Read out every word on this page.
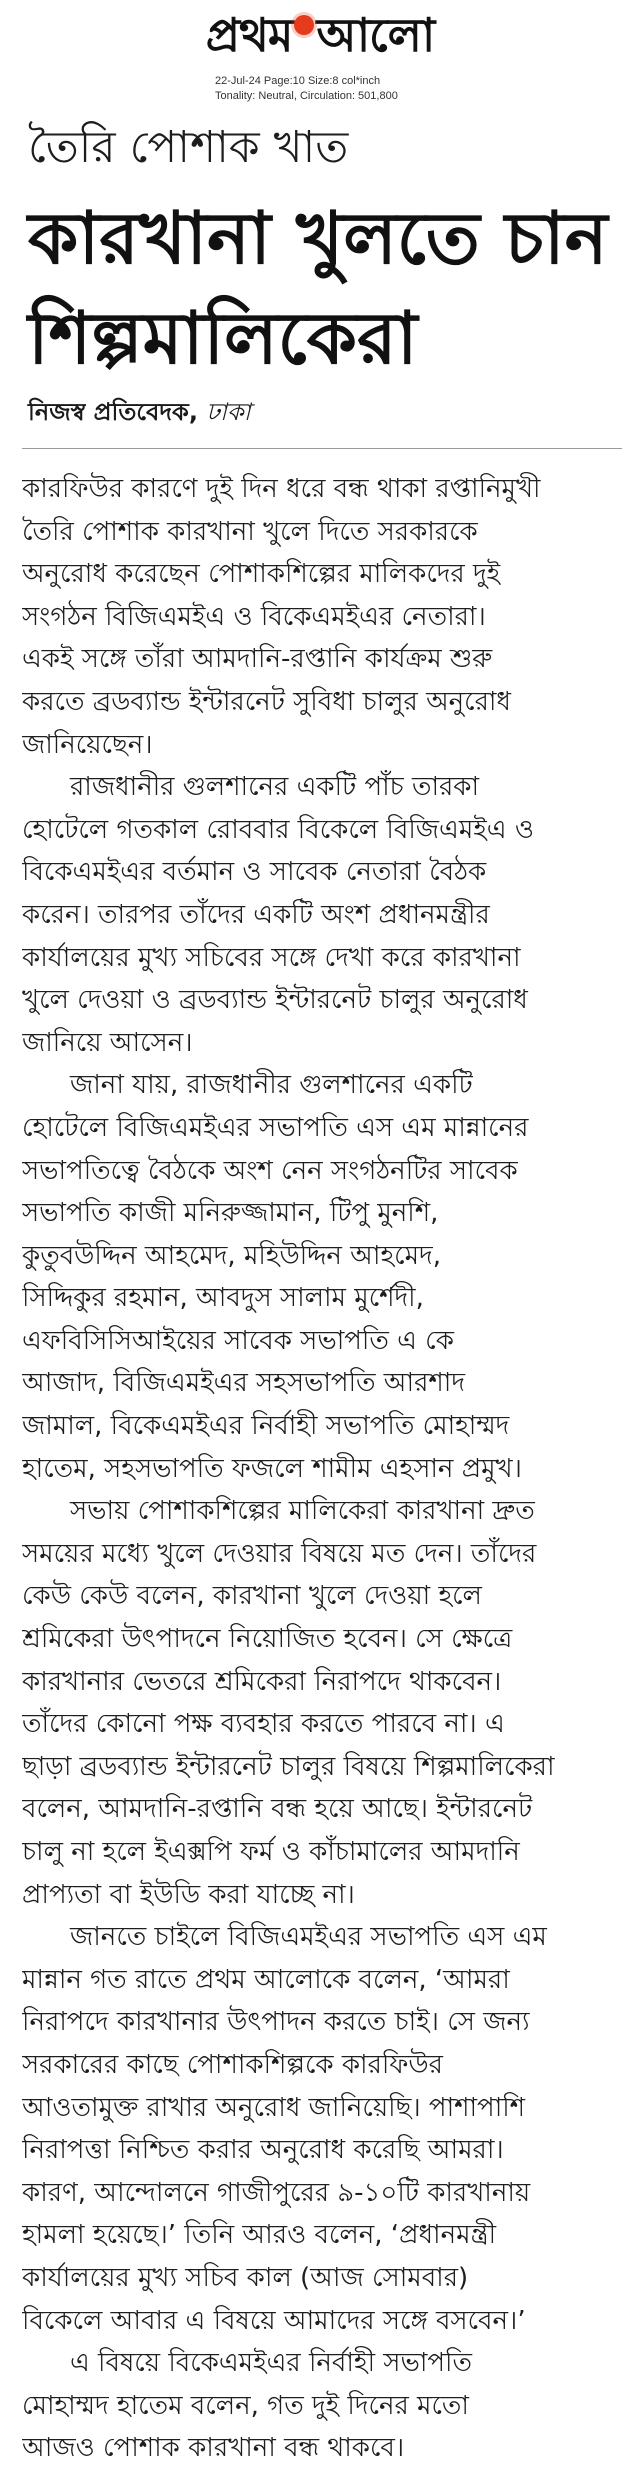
প্রথম আলো
22-Jul-24 Page:10 Size:8 col*inch
Tonality: Neutral, Circulation: 501,800
তৈরি পোশাক খাত
কারখানা খুলতে চান
শিল্পমালিকেরা
নিজস্ব প্রতিবেদক, ঢাকা
কারফিউর কারণে দুই দিন ধরে বন্ধ থাকা রপ্তানিমুখী
তৈরি পোশাক কারখানা খুলে দিতে সরকারকে
অনুরোধ করেছেন পোশাকশিল্পের মালিকদের দুই
সংগঠন বিজিএমইএ ও বিকেএমইএর নেতারা।
একই সঙ্গে তাঁরা আমদানি-রপ্তানি কার্যক্রম শুরু
করতে ব্রডব্যান্ড ইন্টারনেট সুবিধা চালুর অনুরোধ
জানিয়েছেন।
রাজধানীর গুলশানের একটি পাঁচ তারকা
হোটেলে গতকাল রোববার বিকেলে বিজিএমইএ ও
বিকেএমইএর বর্তমান ও সাবেক নেতারা বৈঠক
করেন। তারপর তাঁদের একটি অংশ প্রধানমন্ত্রীর
কার্যালয়ের মুখ্য সচিবের সঙ্গে দেখা করে কারখানা
খুলে দেওয়া ও ব্রডব্যান্ড ইন্টারনেট চালুর অনুরোধ
জানিয়ে আসেন।
জানা যায়, রাজধানীর গুলশানের একটি
হোটেলে বিজিএমইএর সভাপতি এস এম মান্নানের
সভাপতিত্বে বৈঠকে অংশ নেন সংগঠনটির সাবেক
সভাপতি কাজী মনিরুজ্জামান, টিপু মুনশি,
কুতুবউদ্দিন আহমেদ, মহিউদ্দিন আহমেদ,
সিদ্দিকুর রহমান, আবদুস সালাম মুর্শেদী,
এফবিসিসিআইয়ের সাবেক সভাপতি এ কে
আজাদ, বিজিএমইএর সহসভাপতি আরশাদ
জামাল, বিকেএমইএর নির্বাহী সভাপতি মোহাম্মদ
হাতেম, সহসভাপতি ফজলে শামীম এহসান প্রমুখ।
সভায় পোশাকশিল্পের মালিকেরা কারখানা দ্রুত
সময়ের মধ্যে খুলে দেওয়ার বিষয়ে মত দেন। তাঁদের
কেউ কেউ বলেন, কারখানা খুলে দেওয়া হলে
শ্রমিকেরা উৎপাদনে নিয়োজিত হবেন। সে ক্ষেত্রে
কারখানার ভেতরে শ্রমিকেরা নিরাপদে থাকবেন।
তাঁদের কোনো পক্ষ ব্যবহার করতে পারবে না। এ
ছাড়া ব্রডব্যান্ড ইন্টারনেট চালুর বিষয়ে শিল্পমালিকেরা
বলেন, আমদানি-রপ্তানি বন্ধ হয়ে আছে। ইন্টারনেট
চালু না হলে ইএক্সপি ফর্ম ও কাঁচামালের আমদানি
প্রাপ্যতা বা ইউডি করা যাচ্ছে না।
জানতে চাইলে বিজিএমইএর সভাপতি এস এম
মান্নান গত রাতে প্রথম আলোকে বলেন, ‘আমরা
নিরাপদে কারখানার উৎপাদন করতে চাই। সে জন্য
সরকারের কাছে পোশাকশিল্পকে কারফিউর
আওতামুক্ত রাখার অনুরোধ জানিয়েছি। পাশাপাশি
নিরাপত্তা নিশ্চিত করার অনুরোধ করেছি আমরা।
কারণ, আন্দোলনে গাজীপুরের ৯-১০টি কারখানায়
হামলা হয়েছে।’ তিনি আরও বলেন, ‘প্রধানমন্ত্রী
কার্যালয়ের মুখ্য সচিব কাল (আজ সোমবার)
বিকেলে আবার এ বিষয়ে আমাদের সঙ্গে বসবেন।’
এ বিষয়ে বিকেএমইএর নির্বাহী সভাপতি
মোহাম্মদ হাতেম বলেন, গত দুই দিনের মতো
আজও পোশাক কারখানা বন্ধ থাকবে।
